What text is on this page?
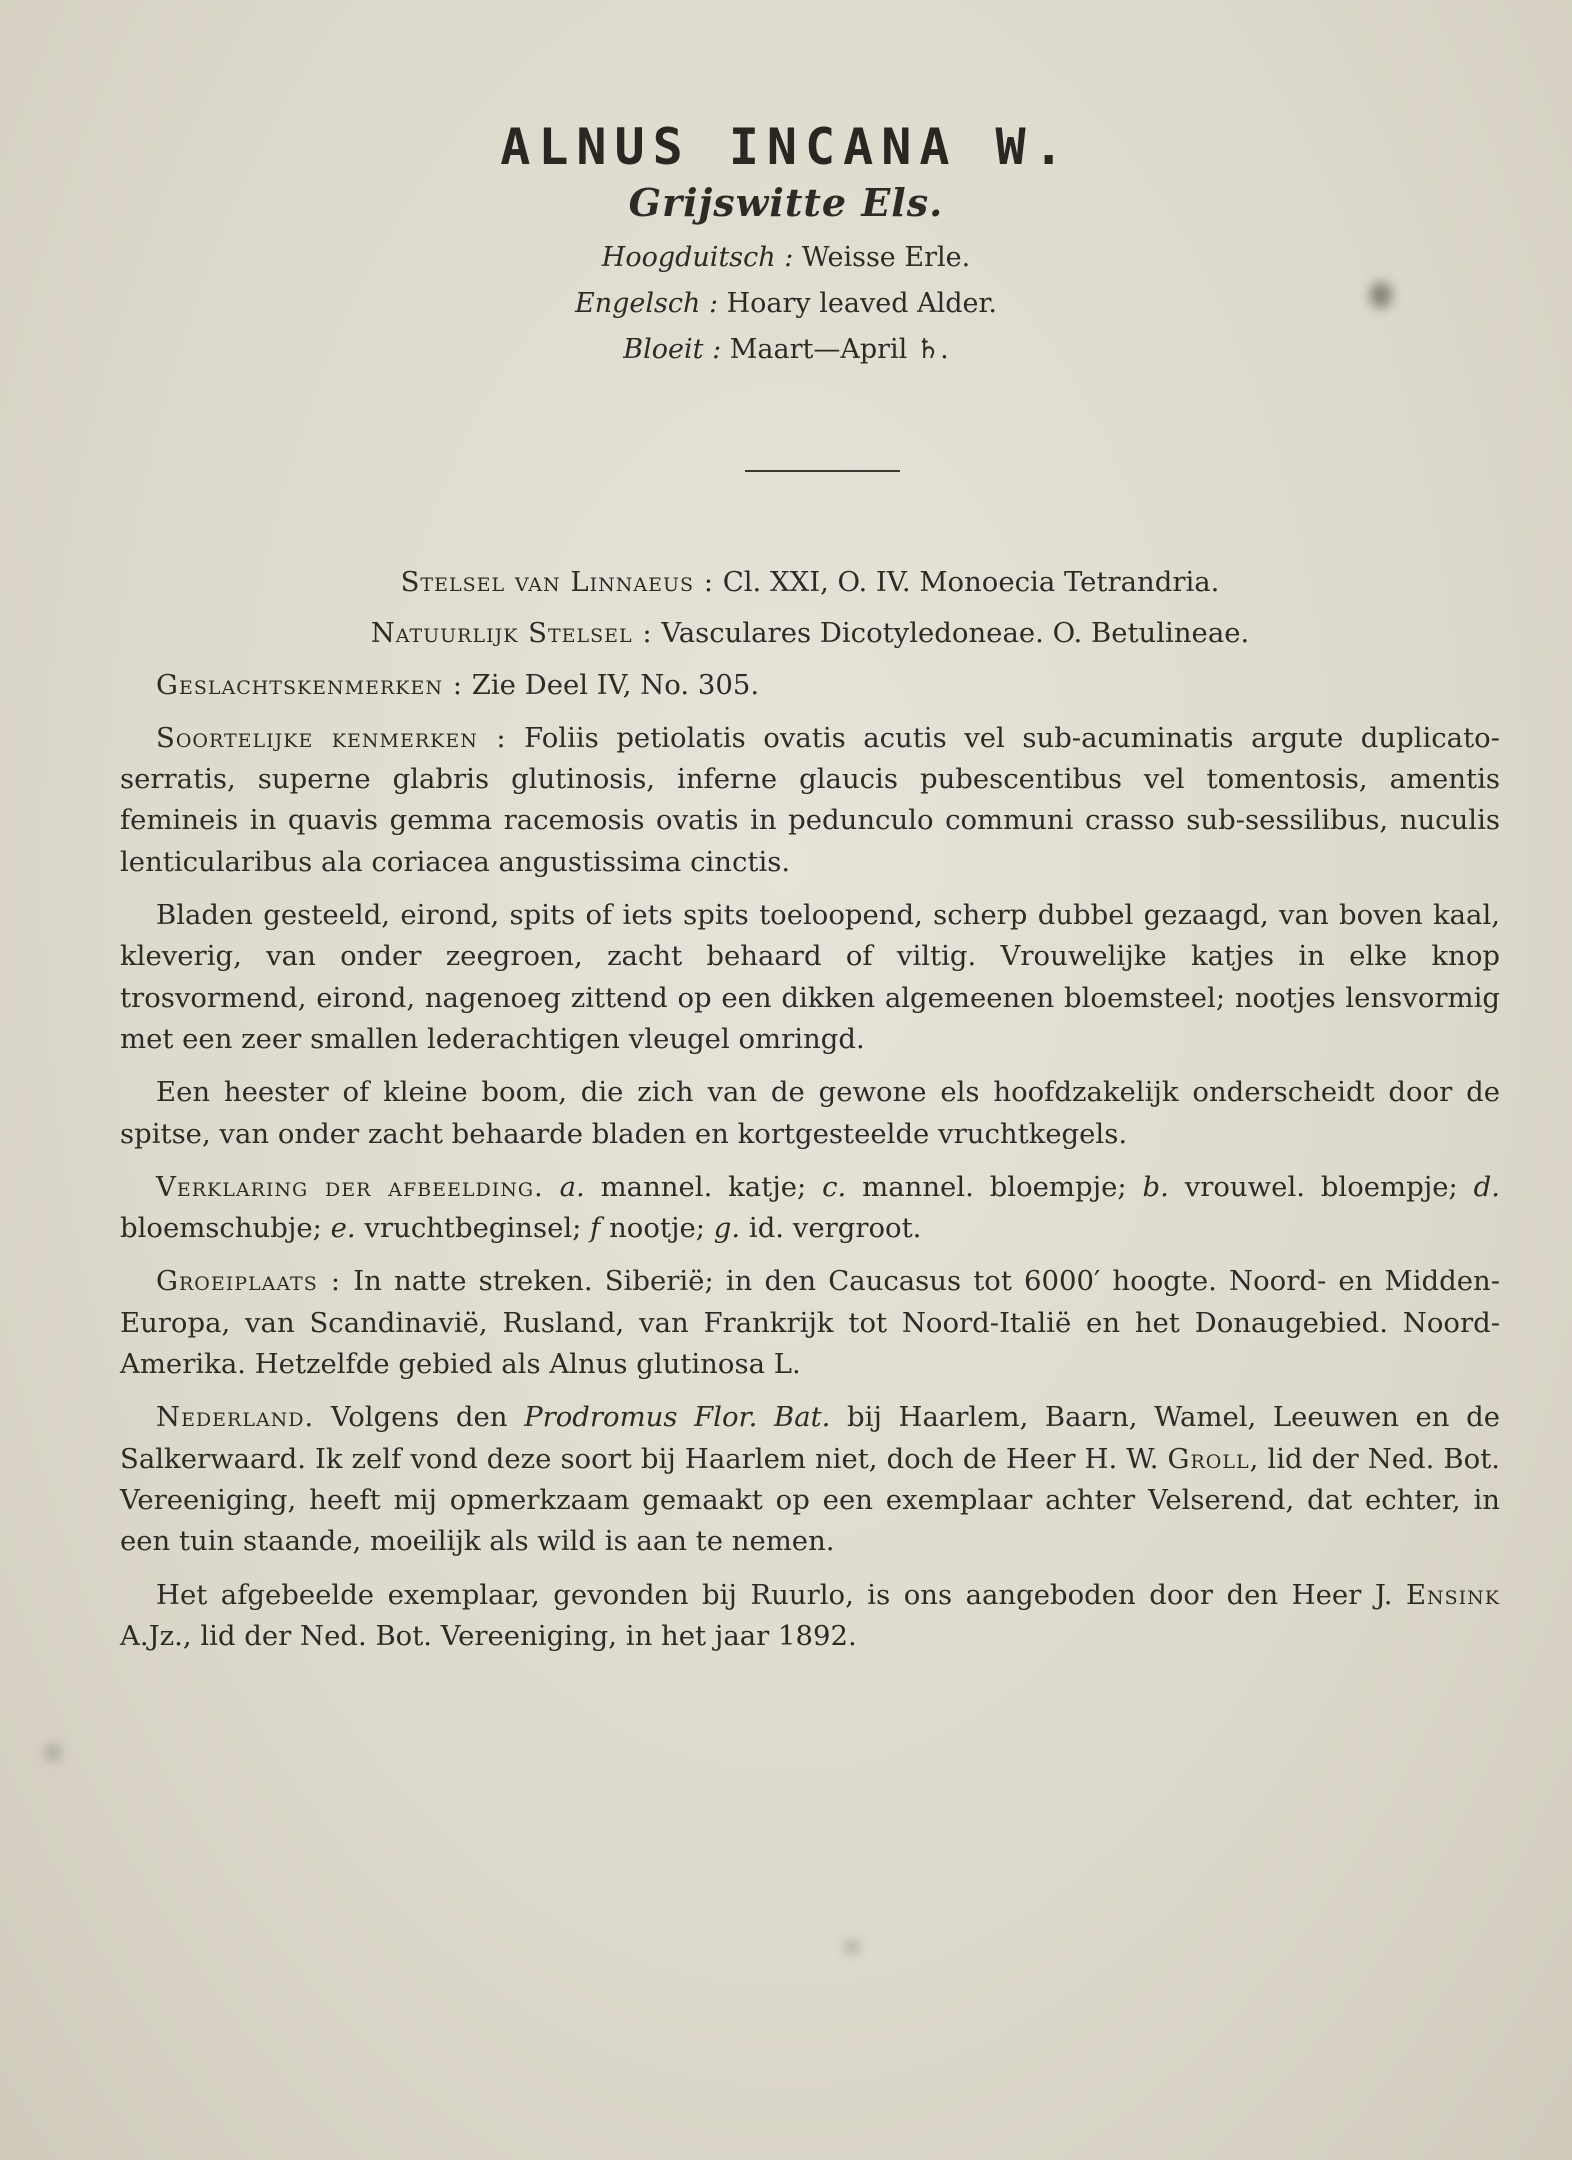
ALNUS INCANA W.
Grijswitte Els.
Hoogduitsch : Weisse Erle.
Engelsch : Hoary leaved Alder.
Bloeit : Maart—April ♄.

Stelsel van Linnaeus : Cl. XXI, O. IV. Monoecia Tetrandria.

Natuurlijk Stelsel : Vasculares Dicotyledoneae. O. Betulineae.

Geslachtskenmerken : Zie Deel IV, No. 305.

Soortelijke kenmerken : Foliis petiolatis ovatis acutis vel sub-acuminatis argute duplicato-serratis, superne glabris glutinosis, inferne glaucis pubescentibus vel tomentosis, amentis femineis in quavis gemma racemosis ovatis in pedunculo communi crasso sub-sessilibus, nuculis lenticularibus ala coriacea angustissima cinctis.

Bladen gesteeld, eirond, spits of iets spits toeloopend, scherp dubbel gezaagd, van boven kaal, kleverig, van onder zeegroen, zacht behaard of viltig. Vrouwelijke katjes in elke knop trosvormend, eirond, nagenoeg zittend op een dikken algemeenen bloemsteel; nootjes lensvormig met een zeer smallen lederachtigen vleugel omringd.

Een heester of kleine boom, die zich van de gewone els hoofdzakelijk onderscheidt door de spitse, van onder zacht behaarde bladen en kortgesteelde vruchtkegels.

Verklaring der afbeelding. a. mannel. katje; c. mannel. bloempje; b. vrouwel. bloempje; d. bloemschubje; e. vruchtbeginsel; f nootje; g. id. vergroot.

Groeiplaats : In natte streken. Siberië; in den Caucasus tot 6000′ hoogte. Noord- en Midden-Europa, van Scandinavië, Rusland, van Frankrijk tot Noord-Italië en het Donaugebied. Noord-Amerika. Hetzelfde gebied als Alnus glutinosa L.

Nederland. Volgens den Prodromus Flor. Bat. bij Haarlem, Baarn, Wamel, Leeuwen en de Salkerwaard. Ik zelf vond deze soort bij Haarlem niet, doch de Heer H. W. Groll, lid der Ned. Bot. Vereeniging, heeft mij opmerkzaam gemaakt op een exemplaar achter Velserend, dat echter, in een tuin staande, moeilijk als wild is aan te nemen.

Het afgebeelde exemplaar, gevonden bij Ruurlo, is ons aangeboden door den Heer J. Ensink A.Jz., lid der Ned. Bot. Vereeniging, in het jaar 1892.
